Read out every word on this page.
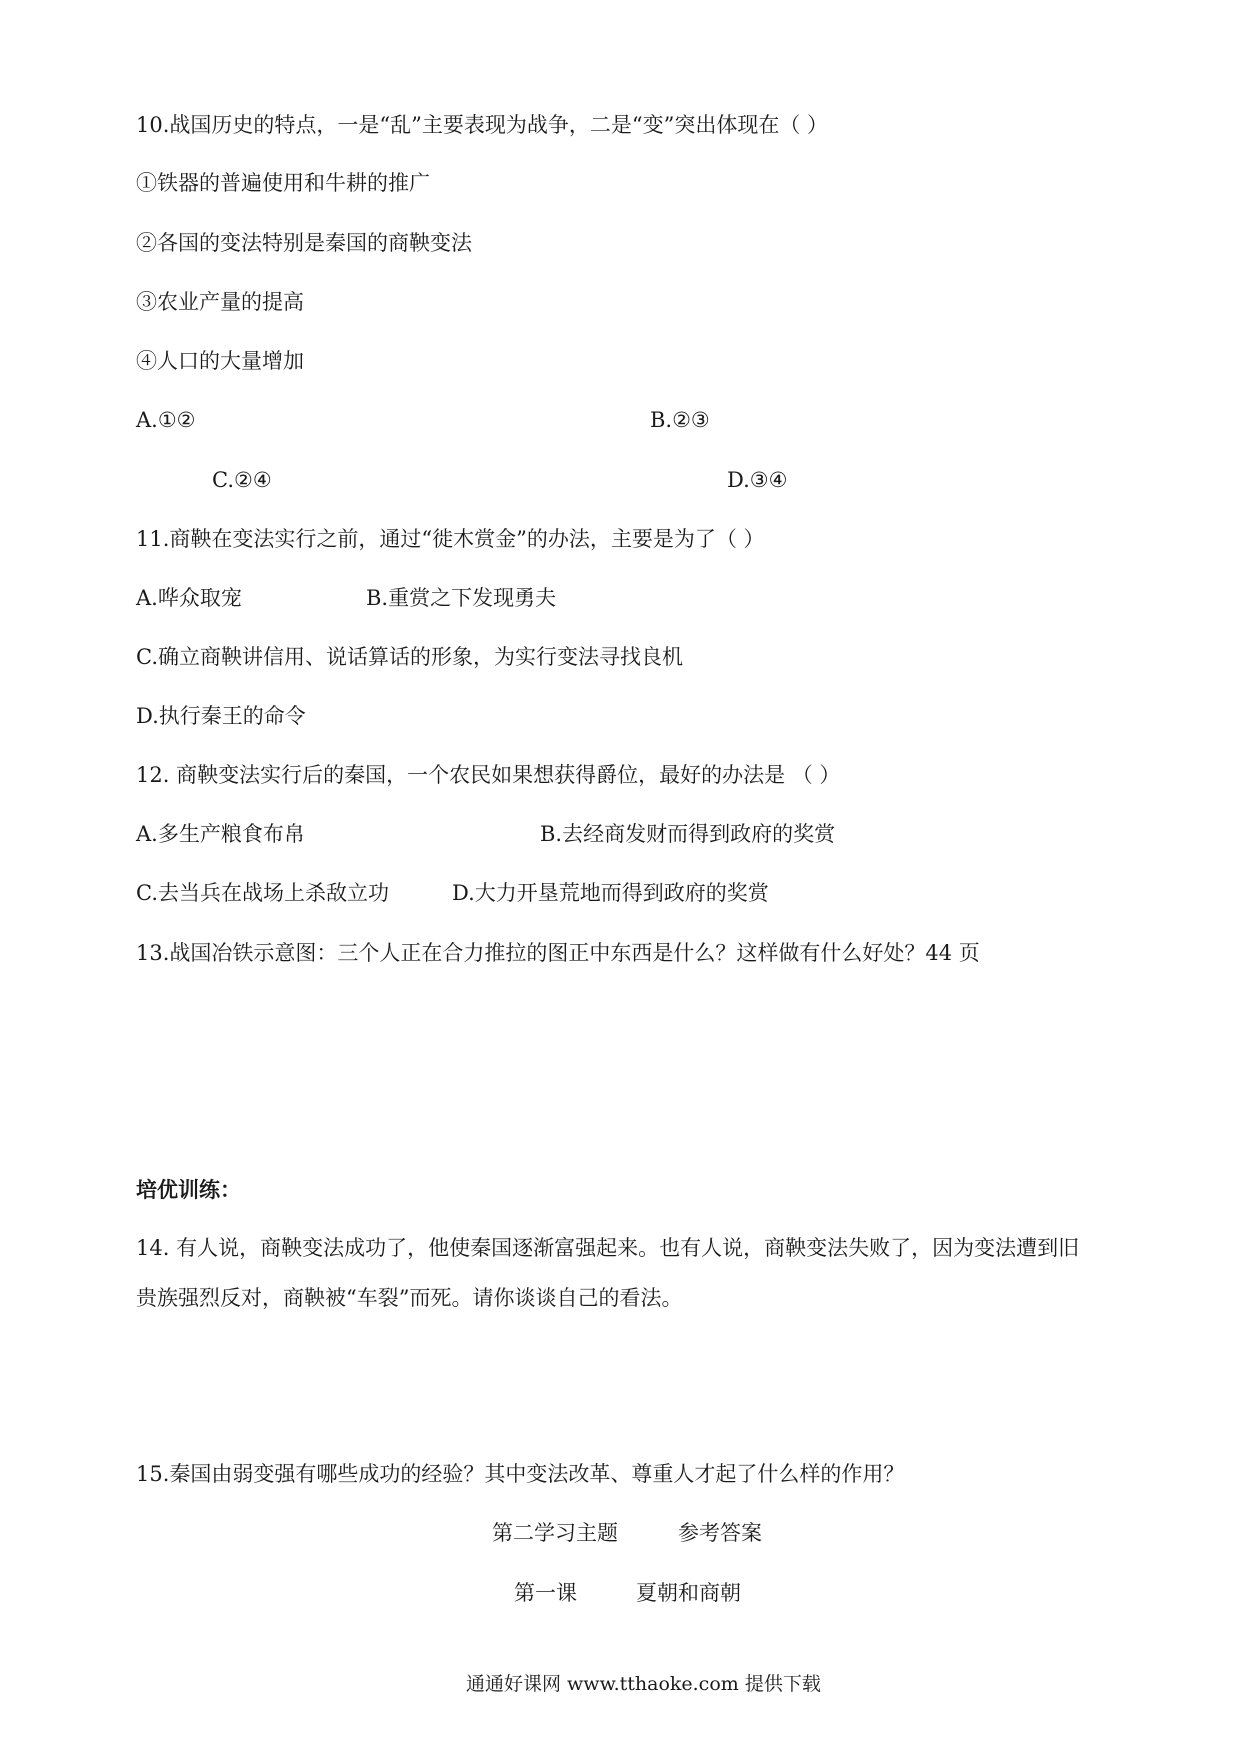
10.战国历史的特点，一是“乱”主要表现为战争，二是“变”突出体现在（ ）
①铁器的普遍使用和牛耕的推广
②各国的变法特别是秦国的商鞅变法
③农业产量的提高
④人口的大量增加
A.①②	B.②③
C.②④	D.③④
11.商鞅在变法实行之前，通过“徙木赏金”的办法，主要是为了（ ）
A.哗众取宠	B.重赏之下发现勇夫
C.确立商鞅讲信用、说话算话的形象，为实行变法寻找良机
D.执行秦王的命令
12. 商鞅变法实行后的秦国，一个农民如果想获得爵位，最好的办法是 （ ）
A.多生产粮食布帛	B.去经商发财而得到政府的奖赏
C.去当兵在战场上杀敌立功	D.大力开垦荒地而得到政府的奖赏
13.战国冶铁示意图：三个人正在合力推拉的图正中东西是什么？这样做有什么好处？44 页
培优训练：
14. 有人说，商鞅变法成功了，他使秦国逐渐富强起来。也有人说，商鞅变法失败了，因为变法遭到旧
贵族强烈反对，商鞅被“车裂”而死。请你谈谈自己的看法。
15.秦国由弱变强有哪些成功的经验？其中变法改革、尊重人才起了什么样的作用？
第二学习主题	参考答案
第一课	夏朝和商朝
通通好课网 www.tthaoke.com 提供下载
